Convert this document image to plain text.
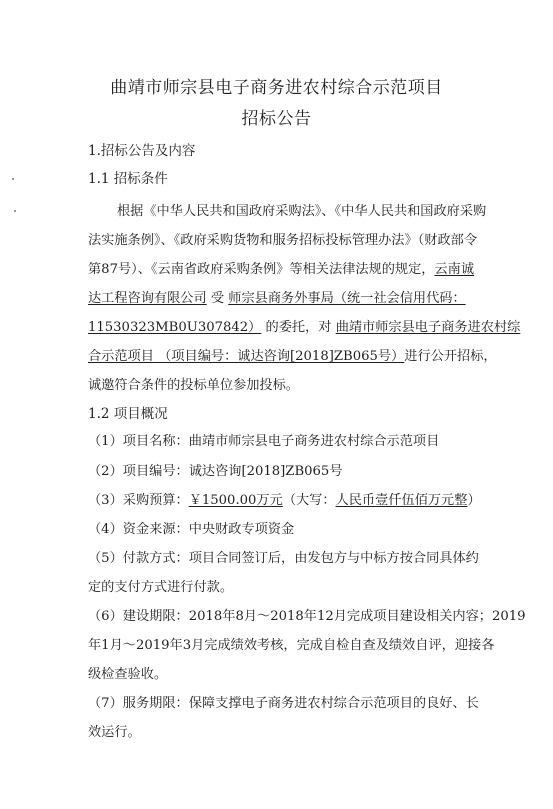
曲靖市师宗县电子商务进农村综合示范项目
招标公告
1.招标公告及内容
1.1 招标条件
根据《中华人民共和国政府采购法》、《中华人民共和国政府采购
法实施条例》、《政府采购货物和服务招标投标管理办法》（财政部令
第87号）、《云南省政府采购条例》等相关法律法规的规定，云南诚
达工程咨询有限公司 受 师宗县商务外事局（统一社会信用代码：
11530323MB0U307842） 的委托，对 曲靖市师宗县电子商务进农村综
合示范项目 （项目编号：诚达咨询[2018]ZB065号）进行公开招标，
诚邀符合条件的投标单位参加投标。
1.2 项目概况
（1）项目名称：曲靖市师宗县电子商务进农村综合示范项目
（2）项目编号：诚达咨询[2018]ZB065号
（3）采购预算：￥1500.00万元（大写：人民币壹仟伍佰万元整）
（4）资金来源：中央财政专项资金
（5）付款方式：项目合同签订后，由发包方与中标方按合同具体约
定的支付方式进行付款。
（6）建设期限：2018年8月～2018年12月完成项目建设相关内容；2019
年1月～2019年3月完成绩效考核，完成自检自查及绩效自评，迎接各
级检查验收。
（7）服务期限：保障支撑电子商务进农村综合示范项目的良好、长
效运行。
